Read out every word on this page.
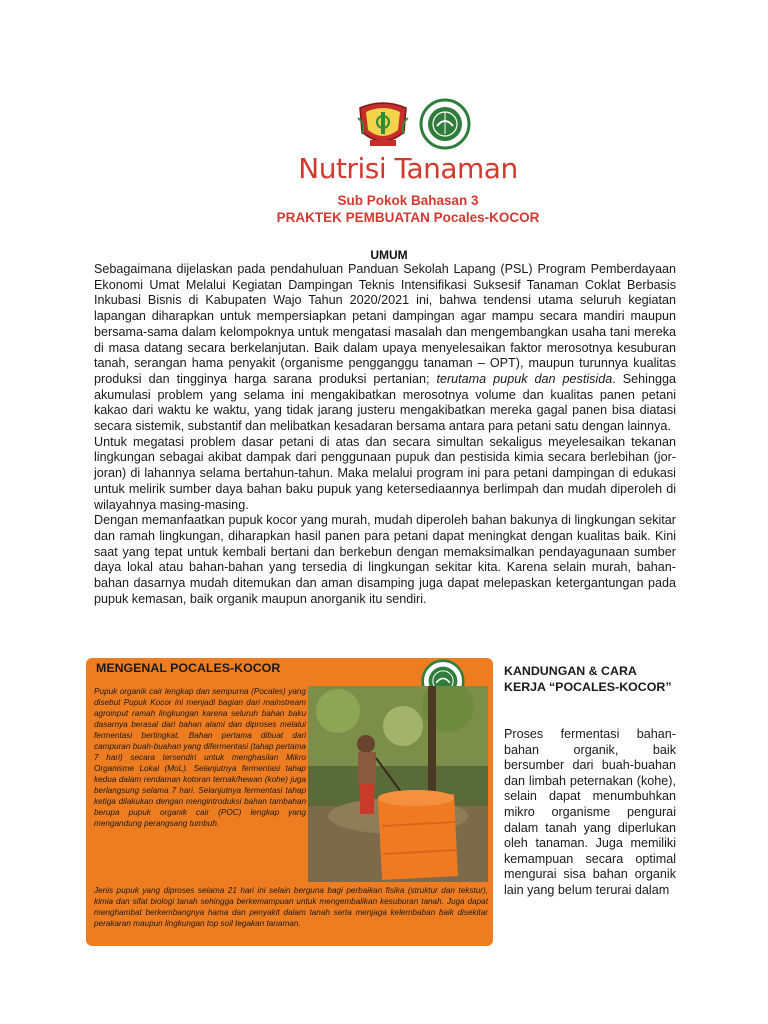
Nutrisi Tanaman
Sub Pokok Bahasan 3
PRAKTEK PEMBUATAN Pocales-KOCOR
UMUM

Sebagaimana dijelaskan pada pendahuluan Panduan Sekolah Lapang (PSL) Program Pemberdayaan Ekonomi Umat Melalui Kegiatan Dampingan Teknis Intensifikasi Suksesif Tanaman Coklat Berbasis Inkubasi Bisnis di Kabupaten Wajo Tahun 2020/2021 ini, bahwa tendensi utama seluruh kegiatan lapangan diharapkan untuk mempersiapkan petani dampingan agar mampu secara mandiri maupun bersama-sama dalam kelompoknya untuk mengatasi masalah dan mengembangkan usaha tani mereka di masa datang secara berkelanjutan. Baik dalam upaya menyelesaikan faktor merosotnya kesuburan tanah, serangan hama penyakit (organisme pengganggu tanaman – OPT), maupun turunnya kualitas produksi dan tingginya harga sarana produksi pertanian; terutama pupuk dan pestisida. Sehingga akumulasi problem yang selama ini mengakibatkan merosotnya volume dan kualitas panen petani kakao dari waktu ke waktu, yang tidak jarang justeru mengakibatkan mereka gagal panen bisa diatasi secara sistemik, substantif dan melibatkan kesadaran bersama antara para petani satu dengan lainnya.

Untuk megatasi problem dasar petani di atas dan secara simultan sekaligus meyelesaikan tekanan lingkungan sebagai akibat dampak dari penggunaan pupuk dan pestisida kimia secara berlebihan (jor-joran) di lahannya selama bertahun-tahun. Maka melalui program ini para petani dampingan di edukasi untuk melirik sumber daya bahan baku pupuk yang ketersediaannya berlimpah dan mudah diperoleh di wilayahnya masing-masing.

Dengan memanfaatkan pupuk kocor yang murah, mudah diperoleh bahan bakunya di lingkungan sekitar dan ramah lingkungan, diharapkan hasil panen para petani dapat meningkat dengan kualitas baik. Kini saat yang tepat untuk kembali bertani dan berkebun dengan memaksimalkan pendayagunaan sumber daya lokal atau bahan-bahan yang tersedia di lingkungan sekitar kita. Karena selain murah, bahan-bahan dasarnya mudah ditemukan dan aman disamping juga dapat melepaskan ketergantungan pada pupuk kemasan, baik organik maupun anorganik itu sendiri.

MENGENAL POCALES-KOCOR
Pupuk organik cair lengkap dan sempurna (Pocales) yang disebut Pupuk Kocor ini menjadi bagian dari mainstream agroinput ramah lingkungan karena seluruh bahan baku dasarnya berasal dari bahan alami dan diproses melalui fermentasi bertingkat. Bahan pertama dibuat dari campuran buah-buahan yang difermentasi (tahap pertama 7 hari) secara tersendiri untuk menghasilan Mikro Organisme Lokal (MoL). Selanjutnya fermentasi tahap kedua dalam rendaman kotoran ternak/hewan (kohe) juga berlangsung selama 7 hari. Selanjutnya fermentasi tahap ketiga dilakukan dengan mengintroduksi bahan tambahan berupa pupuk organik cair (POC) lengkap yang mengandung perangsang tumbuh.
Jenis pupuk yang diproses selama 21 hari ini selain berguna bagi perbaikan fisika (struktur dan tekstur), kimia dan sifat biologi tanah sehingga berkemampuan untuk mengembalikan kesuburan tanah. Juga dapat menghambat berkembangnya hama dan penyakit dalam tanah serta menjaga kelembaban baik disekitar perakaran maupun lingkungan top soil tegakan tanaman.
KANDUNGAN & CARA KERJA “POCALES-KOCOR”
Proses fermentasi bahan-bahan organik, baik bersumber dari buah-buahan dan limbah peternakan (kohe), selain dapat menumbuhkan mikro organisme pengurai dalam tanah yang diperlukan oleh tanaman. Juga memiliki kemampuan secara optimal mengurai sisa bahan organik lain yang belum terurai dalam
